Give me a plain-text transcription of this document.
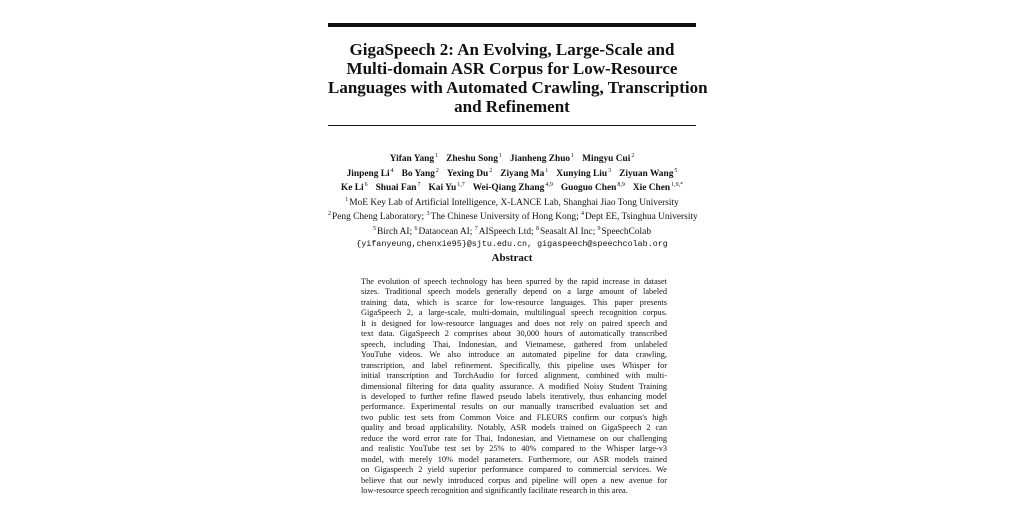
GigaSpeech 2: An Evolving, Large-Scale and
Multi-domain ASR Corpus for Low-Resource
Languages with Automated Crawling, Transcription
and Refinement
Yifan Yang$^1$ Zheshu Song$^1$ Jianheng Zhuo$^1$ Mingyu Cui$^2$
Jinpeng Li$^4$ Bo Yang$^2$ Yexing Du$^2$ Ziyang Ma$^1$ Xunying Liu$^3$ Ziyuan Wang$^5$
Ke Li$^6$ Shuai Fan$^7$ Kai Yu$^{1,7}$ Wei-Qiang Zhang$^{4,9}$ Guoguo Chen$^{8,9}$ Xie Chen$^{1,9,*}$
$^1$MoE Key Lab of Artificial Intelligence, X-LANCE Lab, Shanghai Jiao Tong University
$^2$Peng Cheng Laboratory; $^3$The Chinese University of Hong Kong; $^4$Dept EE, Tsinghua University
$^5$Birch AI; $^6$Dataocean AI; $^7$AISpeech Ltd; $^8$Seasalt AI Inc; $^9$SpeechColab
{yifanyeung,chenxie95}@sjtu.edu.cn, gigaspeech@speechcolab.org
Abstract
The evolution of speech technology has been spurred by the rapid increase in dataset
sizes. Traditional speech models generally depend on a large amount of labeled
training data, which is scarce for low-resource languages. This paper presents
GigaSpeech 2, a large-scale, multi-domain, multilingual speech recognition corpus.
It is designed for low-resource languages and does not rely on paired speech and
text data. GigaSpeech 2 comprises about 30,000 hours of automatically transcribed
speech, including Thai, Indonesian, and Vietnamese, gathered from unlabeled
YouTube videos. We also introduce an automated pipeline for data crawling,
transcription, and label refinement. Specifically, this pipeline uses Whisper for
initial transcription and TorchAudio for forced alignment, combined with multi-
dimensional filtering for data quality assurance. A modified Noisy Student Training
is developed to further refine flawed pseudo labels iteratively, thus enhancing model
performance. Experimental results on our manually transcribed evaluation set and
two public test sets from Common Voice and FLEURS confirm our corpus's high
quality and broad applicability. Notably, ASR models trained on GigaSpeech 2 can
reduce the word error rate for Thai, Indonesian, and Vietnamese on our challenging
and realistic YouTube test set by 25% to 40% compared to the Whisper large-v3
model, with merely 10% model parameters. Furthermore, our ASR models trained
on Gigaspeech 2 yield superior performance compared to commercial services. We
believe that our newly introduced corpus and pipeline will open a new avenue for
low-resource speech recognition and significantly facilitate research in this area.
